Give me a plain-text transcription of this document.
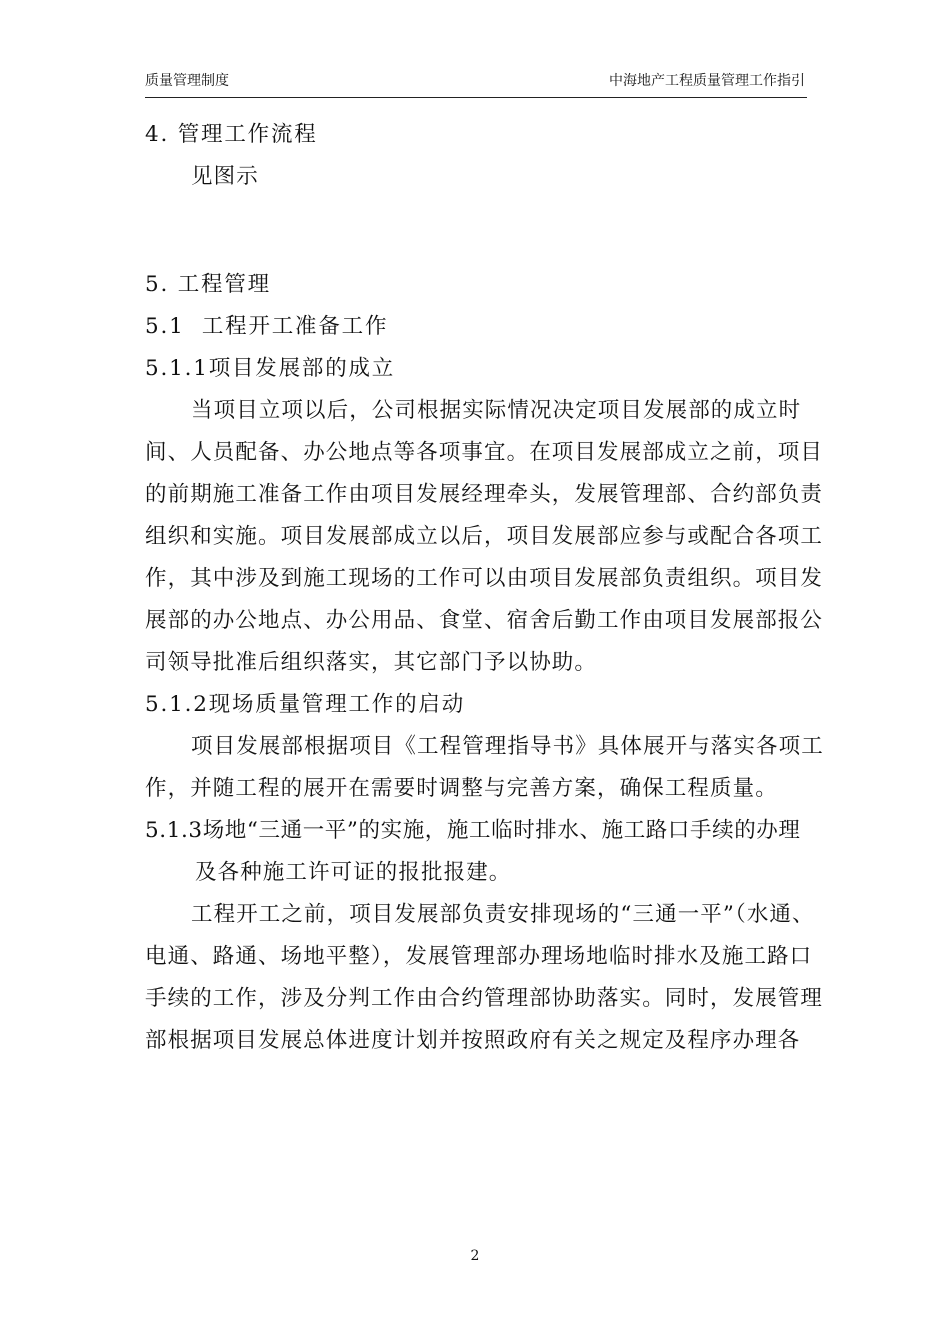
质量管理制度	中海地产工程质量管理工作指引
4. 管理工作流程
见图示
5. 工程管理
5.1  工程开工准备工作
5.1.1项目发展部的成立
当项目立项以后，公司根据实际情况决定项目发展部的成立时
间、人员配备、办公地点等各项事宜。在项目发展部成立之前，项目
的前期施工准备工作由项目发展经理牵头，发展管理部、合约部负责
组织和实施。项目发展部成立以后，项目发展部应参与或配合各项工
作，其中涉及到施工现场的工作可以由项目发展部负责组织。项目发
展部的办公地点、办公用品、食堂、宿舍后勤工作由项目发展部报公
司领导批准后组织落实，其它部门予以协助。
5.1.2现场质量管理工作的启动
项目发展部根据项目《工程管理指导书》具体展开与落实各项工
作，并随工程的展开在需要时调整与完善方案，确保工程质量。
5.1.3场地“三通一平”的实施，施工临时排水、施工路口手续的办理
及各种施工许可证的报批报建。
工程开工之前，项目发展部负责安排现场的“三通一平”（水通、
电通、路通、场地平整），发展管理部办理场地临时排水及施工路口
手续的工作，涉及分判工作由合约管理部协助落实。同时，发展管理
部根据项目发展总体进度计划并按照政府有关之规定及程序办理各
2
